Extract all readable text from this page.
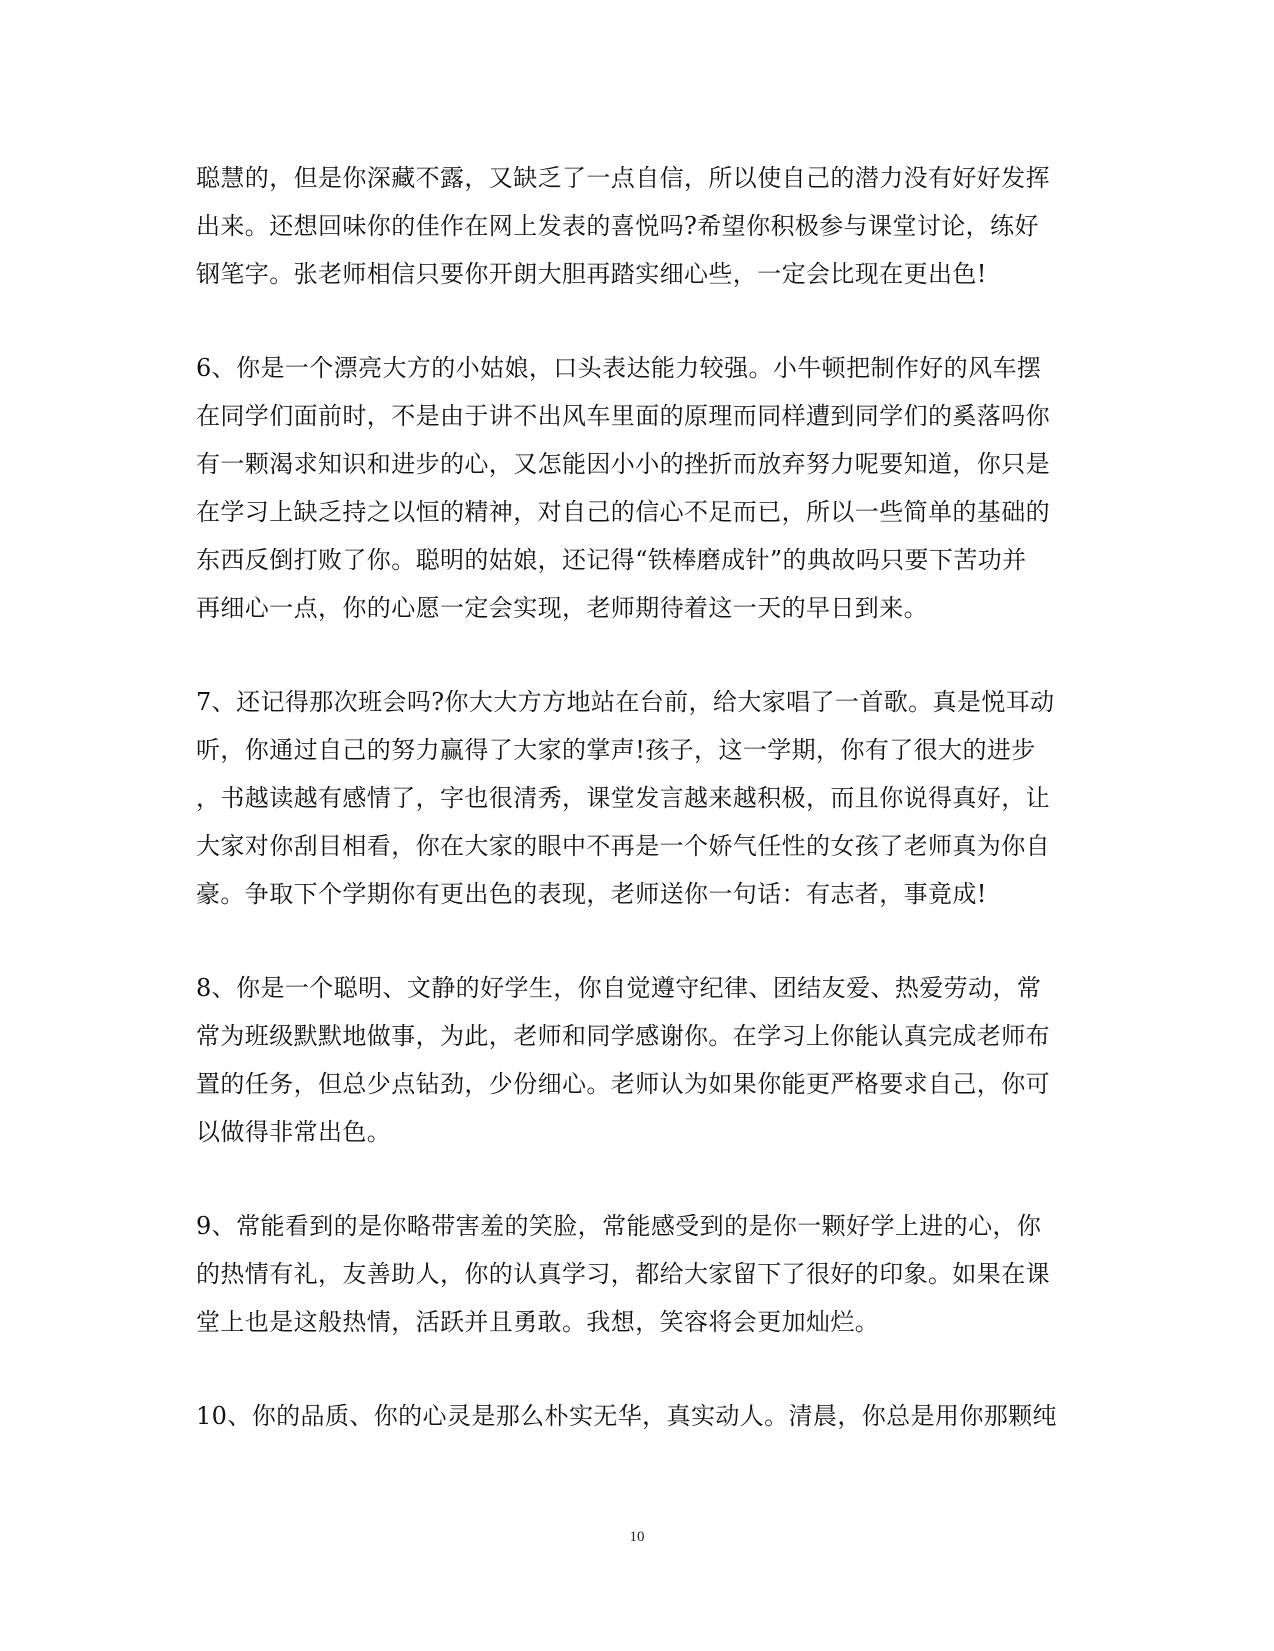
聪慧的，但是你深藏不露，又缺乏了一点自信，所以使自己的潜力没有好好发挥
出来。还想回味你的佳作在网上发表的喜悦吗?希望你积极参与课堂讨论，练好
钢笔字。张老师相信只要你开朗大胆再踏实细心些，一定会比现在更出色!

6、你是一个漂亮大方的小姑娘，口头表达能力较强。小牛顿把制作好的风车摆
在同学们面前时，不是由于讲不出风车里面的原理而同样遭到同学们的奚落吗你
有一颗渴求知识和进步的心，又怎能因小小的挫折而放弃努力呢要知道，你只是
在学习上缺乏持之以恒的精神，对自己的信心不足而已，所以一些简单的基础的
东西反倒打败了你。聪明的姑娘，还记得“铁棒磨成针”的典故吗只要下苦功并
再细心一点，你的心愿一定会实现，老师期待着这一天的早日到来。

7、还记得那次班会吗?你大大方方地站在台前，给大家唱了一首歌。真是悦耳动
听，你通过自己的努力赢得了大家的掌声!孩子，这一学期，你有了很大的进步
，书越读越有感情了，字也很清秀，课堂发言越来越积极，而且你说得真好，让
大家对你刮目相看，你在大家的眼中不再是一个娇气任性的女孩了老师真为你自
豪。争取下个学期你有更出色的表现，老师送你一句话：有志者，事竟成!

8、你是一个聪明、文静的好学生，你自觉遵守纪律、团结友爱、热爱劳动，常
常为班级默默地做事，为此，老师和同学感谢你。在学习上你能认真完成老师布
置的任务，但总少点钻劲，少份细心。老师认为如果你能更严格要求自己，你可
以做得非常出色。

9、常能看到的是你略带害羞的笑脸，常能感受到的是你一颗好学上进的心，你
的热情有礼，友善助人，你的认真学习，都给大家留下了很好的印象。如果在课
堂上也是这般热情，活跃并且勇敢。我想，笑容将会更加灿烂。

10、你的品质、你的心灵是那么朴实无华，真实动人。清晨，你总是用你那颗纯

10
